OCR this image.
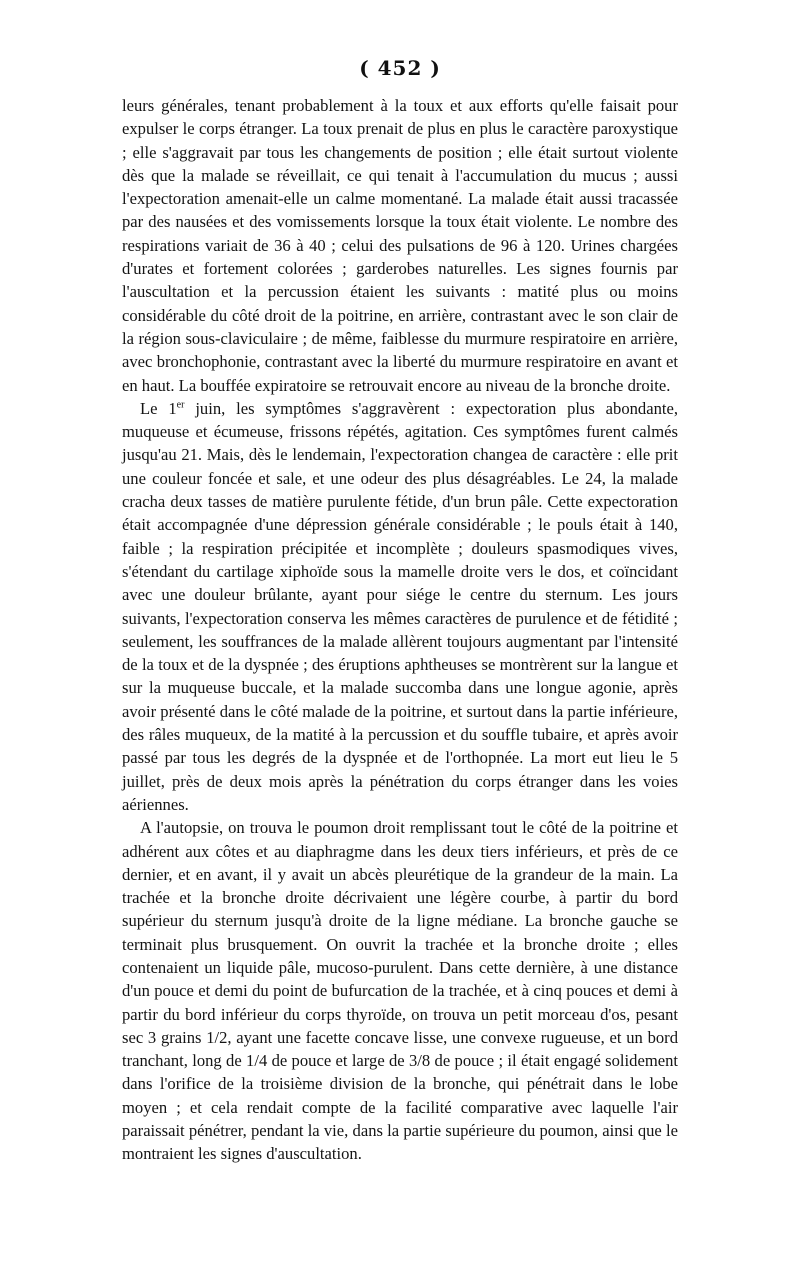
( 452 )

leurs générales, tenant probablement à la toux et aux efforts qu'elle faisait pour expulser le corps étranger. La toux prenait de plus en plus le caractère paroxystique ; elle s'aggravait par tous les changements de position ; elle était surtout violente dès que la malade se réveillait, ce qui tenait à l'accumulation du mucus ; aussi l'expectoration amenait-elle un calme momentané. La malade était aussi tracassée par des nausées et des vomissements lorsque la toux était violente. Le nombre des respirations variait de 36 à 40 ; celui des pulsations de 96 à 120. Urines chargées d'urates et fortement colorées ; garderobes naturelles. Les signes fournis par l'auscultation et la percussion étaient les suivants : matité plus ou moins considérable du côté droit de la poitrine, en arrière, contrastant avec le son clair de la région sous-claviculaire ; de même, faiblesse du murmure respiratoire en arrière, avec bronchophonie, contrastant avec la liberté du murmure respiratoire en avant et en haut. La bouffée expiratoire se retrouvait encore au niveau de la bronche droite.

Le 1er juin, les symptômes s'aggravèrent : expectoration plus abondante, muqueuse et écumeuse, frissons répétés, agitation. Ces symptômes furent calmés jusqu'au 21. Mais, dès le lendemain, l'expectoration changea de caractère : elle prit une couleur foncée et sale, et une odeur des plus désagréables. Le 24, la malade cracha deux tasses de matière purulente fétide, d'un brun pâle. Cette expectoration était accompagnée d'une dépression générale considérable ; le pouls était à 140, faible ; la respiration précipitée et incomplète ; douleurs spasmodiques vives, s'étendant du cartilage xiphoïde sous la mamelle droite vers le dos, et coïncidant avec une douleur brûlante, ayant pour siége le centre du sternum. Les jours suivants, l'expectoration conserva les mêmes caractères de purulence et de fétidité ; seulement, les souffrances de la malade allèrent toujours augmentant par l'intensité de la toux et de la dyspnée ; des éruptions aphtheuses se montrèrent sur la langue et sur la muqueuse buccale, et la malade succomba dans une longue agonie, après avoir présenté dans le côté malade de la poitrine, et surtout dans la partie inférieure, des râles muqueux, de la matité à la percussion et du souffle tubaire, et après avoir passé par tous les degrés de la dyspnée et de l'orthopnée. La mort eut lieu le 5 juillet, près de deux mois après la pénétration du corps étranger dans les voies aériennes.

A l'autopsie, on trouva le poumon droit remplissant tout le côté de la poitrine et adhérent aux côtes et au diaphragme dans les deux tiers inférieurs, et près de ce dernier, et en avant, il y avait un abcès pleurétique de la grandeur de la main. La trachée et la bronche droite décrivaient une légère courbe, à partir du bord supérieur du sternum jusqu'à droite de la ligne médiane. La bronche gauche se terminait plus brusquement. On ouvrit la trachée et la bronche droite ; elles contenaient un liquide pâle, mucoso-purulent. Dans cette dernière, à une distance d'un pouce et demi du point de bufurcation de la trachée, et à cinq pouces et demi à partir du bord inférieur du corps thyroïde, on trouva un petit morceau d'os, pesant sec 3 grains 1/2, ayant une facette concave lisse, une convexe rugueuse, et un bord tranchant, long de 1/4 de pouce et large de 3/8 de pouce ; il était engagé solidement dans l'orifice de la troisième division de la bronche, qui pénétrait dans le lobe moyen ; et cela rendait compte de la facilité comparative avec laquelle l'air paraissait pénétrer, pendant la vie, dans la partie supérieure du poumon, ainsi que le montraient les signes d'auscultation.
